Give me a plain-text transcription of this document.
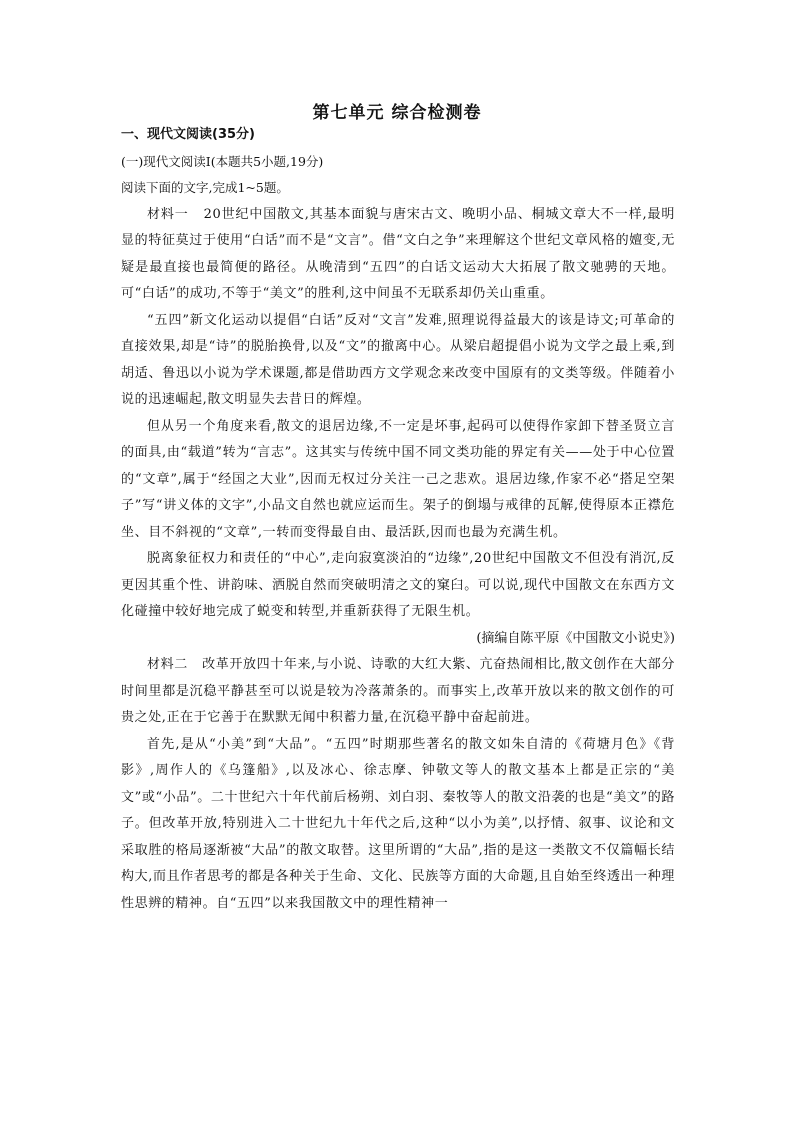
第七单元 综合检测卷

一、现代文阅读(35分)

(一)现代文阅读Ⅰ(本题共5小题,19分)

阅读下面的文字,完成1~5题。

材料一 20世纪中国散文,其基本面貌与唐宋古文、晚明小品、桐城文章大不一样,最明显的特征莫过于使用“白话”而不是“文言”。借“文白之争”来理解这个世纪文章风格的嬗变,无疑是最直接也最简便的路径。从晚清到“五四”的白话文运动大大拓展了散文驰骋的天地。可“白话”的成功,不等于“美文”的胜利,这中间虽不无联系却仍关山重重。

“五四”新文化运动以提倡“白话”反对“文言”发难,照理说得益最大的该是诗文;可革命的直接效果,却是“诗”的脱胎换骨,以及“文”的撤离中心。从梁启超提倡小说为文学之最上乘,到胡适、鲁迅以小说为学术课题,都是借助西方文学观念来改变中国原有的文类等级。伴随着小说的迅速崛起,散文明显失去昔日的辉煌。

但从另一个角度来看,散文的退居边缘,不一定是坏事,起码可以使得作家卸下替圣贤立言的面具,由“载道”转为“言志”。这其实与传统中国不同文类功能的界定有关——处于中心位置的“文章”,属于“经国之大业”,因而无权过分关注一己之悲欢。退居边缘,作家不必“搭足空架子”写“讲义体的文字”,小品文自然也就应运而生。架子的倒塌与戒律的瓦解,使得原本正襟危坐、目不斜视的“文章”,一转而变得最自由、最活跃,因而也最为充满生机。

脱离象征权力和责任的“中心”,走向寂寞淡泊的“边缘”,20世纪中国散文不但没有消沉,反更因其重个性、讲韵味、洒脱自然而突破明清之文的窠臼。可以说,现代中国散文在东西方文化碰撞中较好地完成了蜕变和转型,并重新获得了无限生机。

(摘编自陈平原《中国散文小说史》)

材料二 改革开放四十年来,与小说、诗歌的大红大紫、亢奋热闹相比,散文创作在大部分时间里都是沉稳平静甚至可以说是较为冷落萧条的。而事实上,改革开放以来的散文创作的可贵之处,正在于它善于在默默无闻中积蓄力量,在沉稳平静中奋起前进。

首先,是从“小美”到“大品”。“五四”时期那些著名的散文如朱自清的《荷塘月色》《背影》,周作人的《乌篷船》,以及冰心、徐志摩、钟敬文等人的散文基本上都是正宗的“美文”或“小品”。二十世纪六十年代前后杨朔、刘白羽、秦牧等人的散文沿袭的也是“美文”的路子。但改革开放,特别进入二十世纪九十年代之后,这种“以小为美”,以抒情、叙事、议论和文采取胜的格局逐渐被“大品”的散文取替。这里所谓的“大品”,指的是这一类散文不仅篇幅长结构大,而且作者思考的都是各种关于生命、文化、民族等方面的大命题,且自始至终透出一种理性思辨的精神。自“五四”以来我国散文中的理性精神一
